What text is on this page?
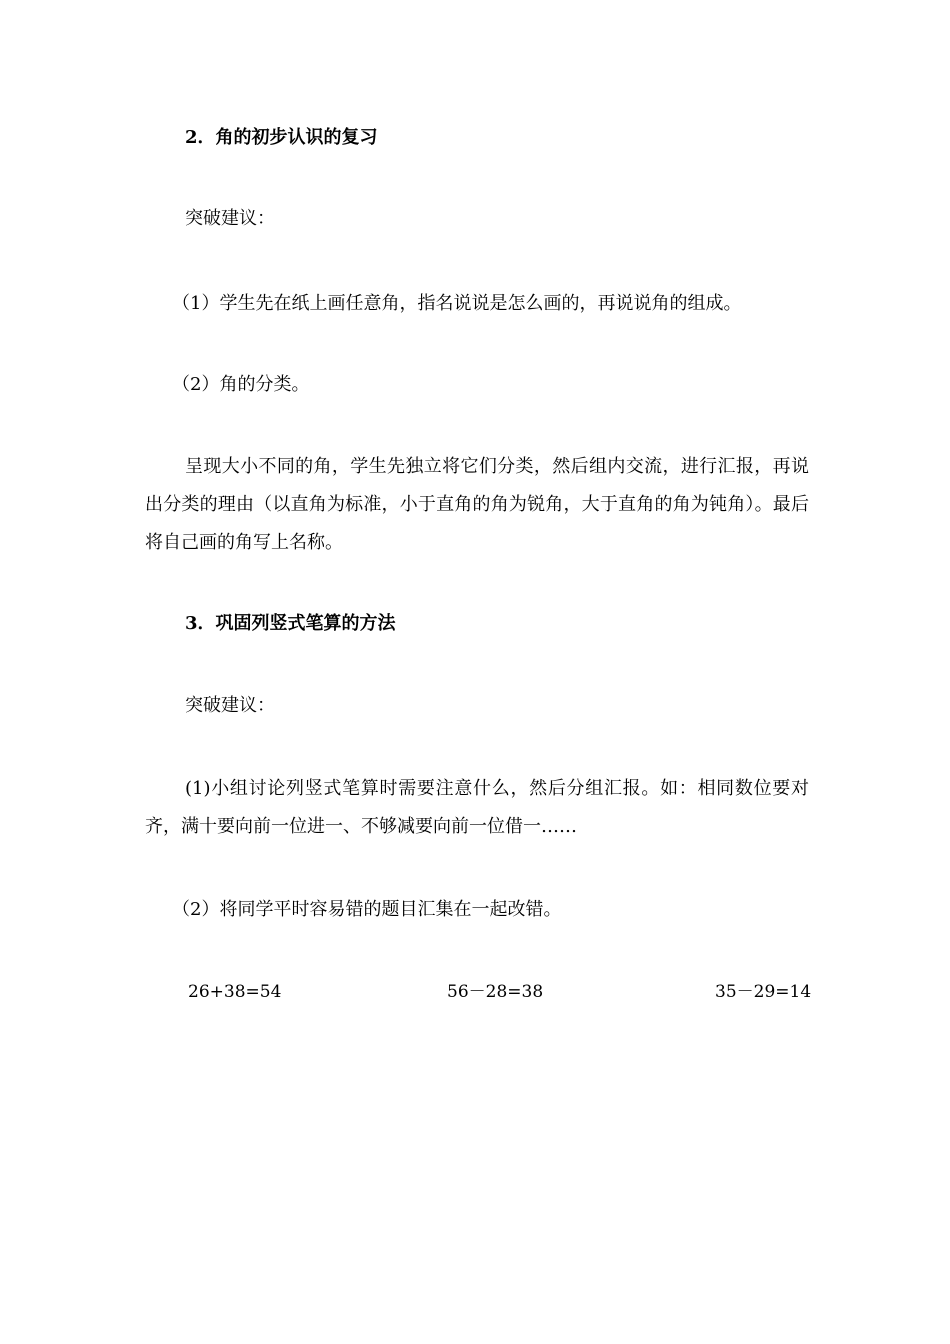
2．角的初步认识的复习
突破建议：
（1）学生先在纸上画任意角，指名说说是怎么画的，再说说角的组成。
（2）角的分类。

呈现大小不同的角，学生先独立将它们分类，然后组内交流，进行汇报，再说出分类的理由（以直角为标准，小于直角的角为锐角，大于直角的角为钝角）。最后将自己画的角写上名称。

3．巩固列竖式笔算的方法
突破建议：

(1)小组讨论列竖式笔算时需要注意什么，然后分组汇报。如：相同数位要对齐，满十要向前一位进一、不够减要向前一位借一……

（2）将同学平时容易错的题目汇集在一起改错。
26+38=54	56－28=38	35－29=14
